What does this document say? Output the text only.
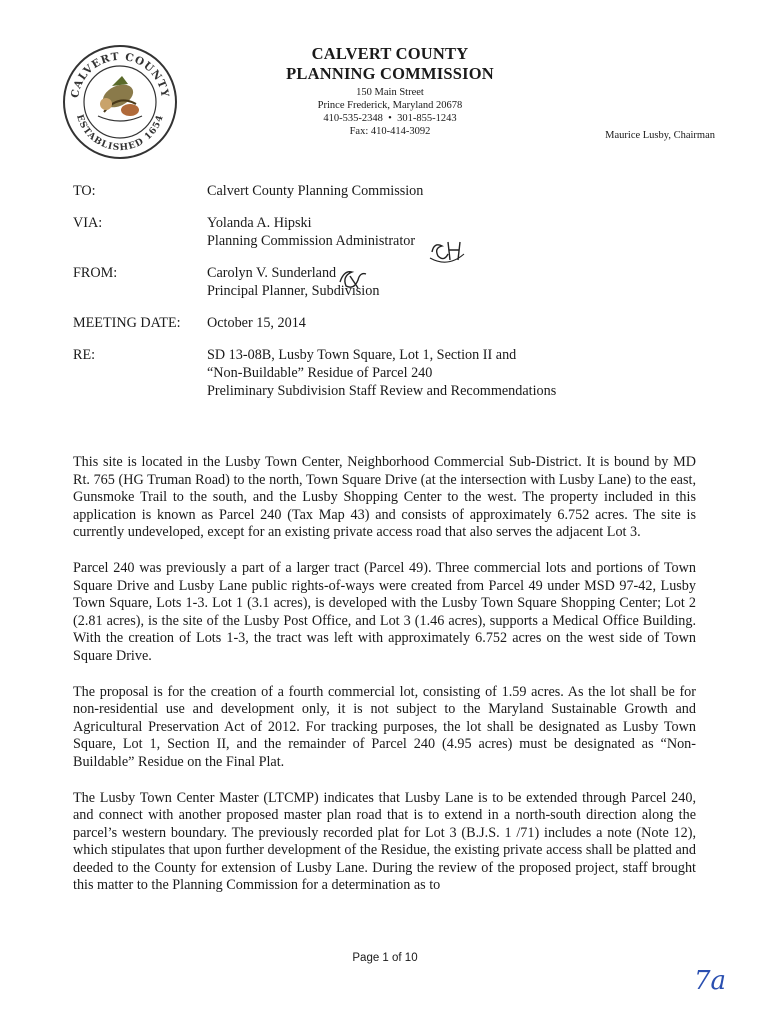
CALVERT COUNTY
ESTABLISHED 1654
CALVERT COUNTY
PLANNING COMMISSION
150 Main Street
Prince Frederick, Maryland 20678
410-535-2348  •  301-855-1243
Fax: 410-414-3092	Maurice Lusby, Chairman
TO:	Calvert County Planning Commission
VIA:	Yolanda A. Hipski
Planning Commission Administrator
FROM:	Carolyn V. Sunderland
Principal Planner, Subdivision
MEETING DATE:	October 15, 2014
RE:	SD 13-08B, Lusby Town Square, Lot 1, Section II and
“Non-Buildable” Residue of Parcel 240
Preliminary Subdivision Staff Review and Recommendations

This site is located in the Lusby Town Center, Neighborhood Commercial Sub-District. It is bound by MD Rt. 765 (HG Truman Road) to the north, Town Square Drive (at the intersection with Lusby Lane) to the east, Gunsmoke Trail to the south, and the Lusby Shopping Center to the west. The property included in this application is known as Parcel 240 (Tax Map 43) and consists of approximately 6.752 acres. The site is currently undeveloped, except for an existing private access road that also serves the adjacent Lot 3.

Parcel 240 was previously a part of a larger tract (Parcel 49). Three commercial lots and portions of Town Square Drive and Lusby Lane public rights-of-ways were created from Parcel 49 under MSD 97-42, Lusby Town Square, Lots 1-3. Lot 1 (3.1 acres), is developed with the Lusby Town Square Shopping Center; Lot 2 (2.81 acres), is the site of the Lusby Post Office, and Lot 3 (1.46 acres), supports a Medical Office Building. With the creation of Lots 1-3, the tract was left with approximately 6.752 acres on the west side of Town Square Drive.

The proposal is for the creation of a fourth commercial lot, consisting of 1.59 acres. As the lot shall be for non-residential use and development only, it is not subject to the Maryland Sustainable Growth and Agricultural Preservation Act of 2012. For tracking purposes, the lot shall be designated as Lusby Town Square, Lot 1, Section II, and the remainder of Parcel 240 (4.95 acres) must be designated as “Non-Buildable” Residue on the Final Plat.

The Lusby Town Center Master (LTCMP) indicates that Lusby Lane is to be extended through Parcel 240, and connect with another proposed master plan road that is to extend in a north-south direction along the parcel’s western boundary. The previously recorded plat for Lot 3 (B.J.S. 1 /71) includes a note (Note 12), which stipulates that upon further development of the Residue, the existing private access shall be platted and deeded to the County for extension of Lusby Lane. During the review of the proposed project, staff brought this matter to the Planning Commission for a determination as to

Page 1 of 10
7a
